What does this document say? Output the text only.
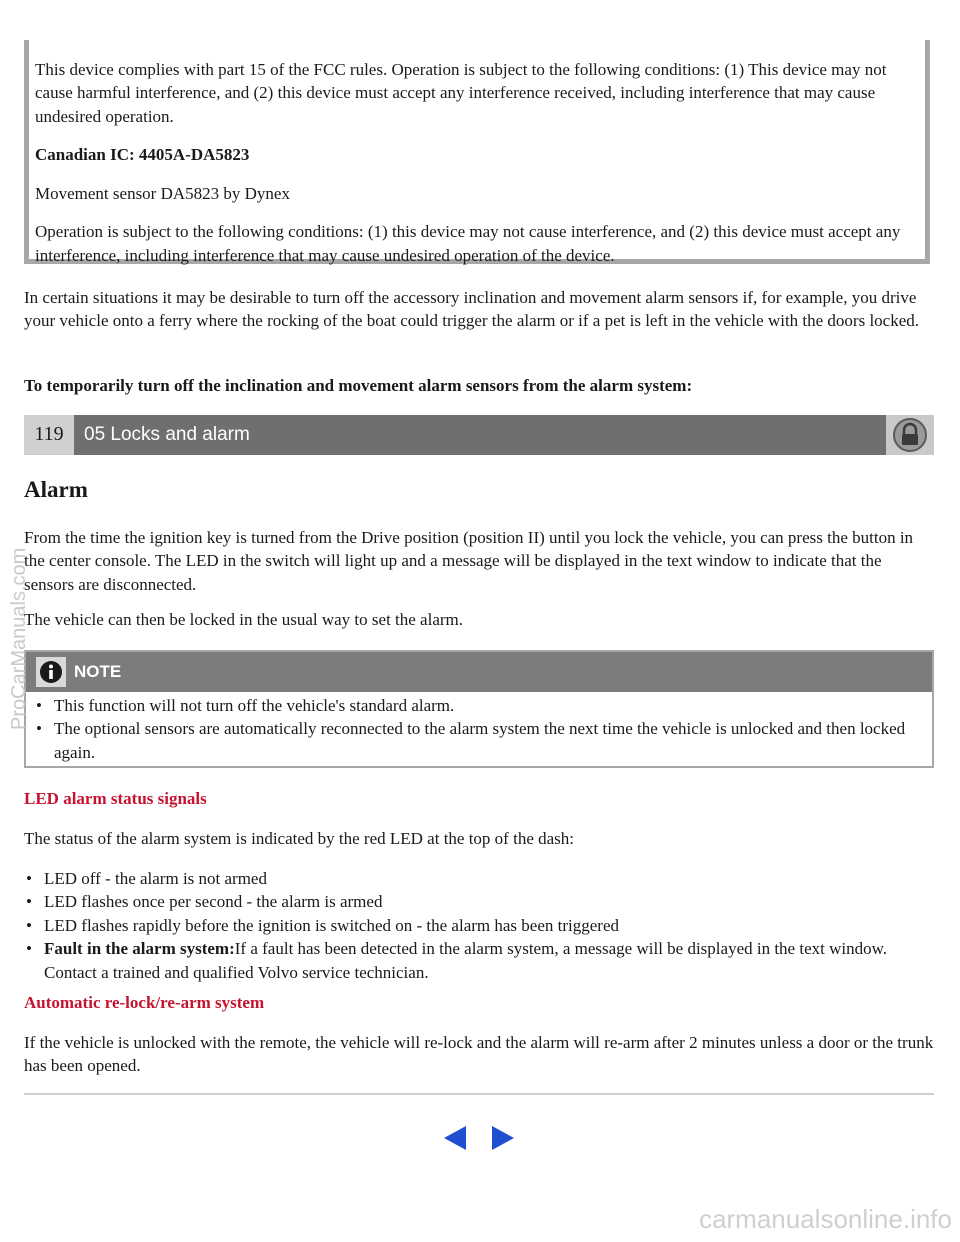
This device complies with part 15 of the FCC rules. Operation is subject to the following conditions: (1) This device may not cause harmful interference, and (2) this device must accept any interference received, including interference that may cause undesired operation.

Canadian IC: 4405A-DA5823

Movement sensor DA5823 by Dynex

Operation is subject to the following conditions: (1) this device may not cause interference, and (2) this device must accept any interference, including interference that may cause undesired operation of the device.

In certain situations it may be desirable to turn off the accessory inclination and movement alarm sensors if, for example, you drive your vehicle onto a ferry where the rocking of the boat could trigger the alarm or if a pet is left in the vehicle with the doors locked.

To temporarily turn off the inclination and movement alarm sensors from the alarm system:

119	05 Locks and alarm
Alarm

From the time the ignition key is turned from the Drive position (position II) until you lock the vehicle, you can press the button in the center console. The LED in the switch will light up and a message will be displayed in the text window to indicate that the sensors are disconnected.

The vehicle can then be locked in the usual way to set the alarm.

NOTE
• This function will not turn off the vehicle's standard alarm.
• The optional sensors are automatically reconnected to the alarm system the next time the vehicle is unlocked and then locked again.

LED alarm status signals

The status of the alarm system is indicated by the red LED at the top of the dash:

• LED off - the alarm is not armed
• LED flashes once per second - the alarm is armed
• LED flashes rapidly before the ignition is switched on - the alarm has been triggered
• Fault in the alarm system:If a fault has been detected in the alarm system, a message will be displayed in the text window. Contact a trained and qualified Volvo service technician.

Automatic re-lock/re-arm system

If the vehicle is unlocked with the remote, the vehicle will re-lock and the alarm will re-arm after 2 minutes unless a door or the trunk has been opened.

ProCarManuals.com
carmanualsonline.info
